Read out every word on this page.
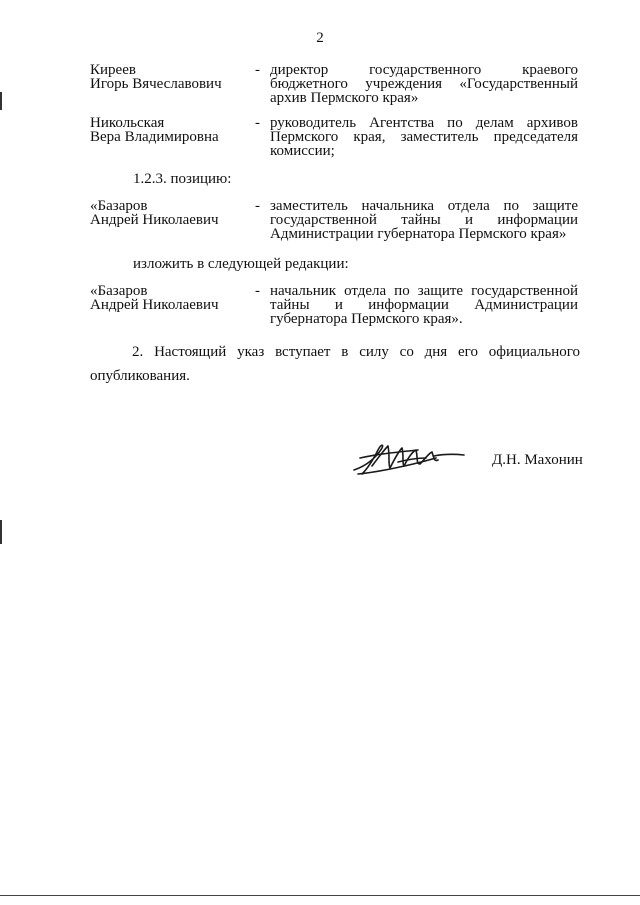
2
Киреев
Игорь Вячеславович
- директор государственного краевого бюджетного учреждения «Государственный архив Пермского края»
Никольская
Вера Владимировна
- руководитель Агентства по делам архивов Пермского края, заместитель председателя комиссии;
1.2.3. позицию:
«Базаров
Андрей Николаевич
- заместитель начальника отдела по защите государственной тайны и информации Администрации губернатора Пермского края»
изложить в следующей редакции:
«Базаров
Андрей Николаевич
- начальник отдела по защите государственной тайны и информации Администрации губернатора Пермского края».
2. Настоящий указ вступает в силу со дня его официального опубликования.
Д.Н. Махонин
